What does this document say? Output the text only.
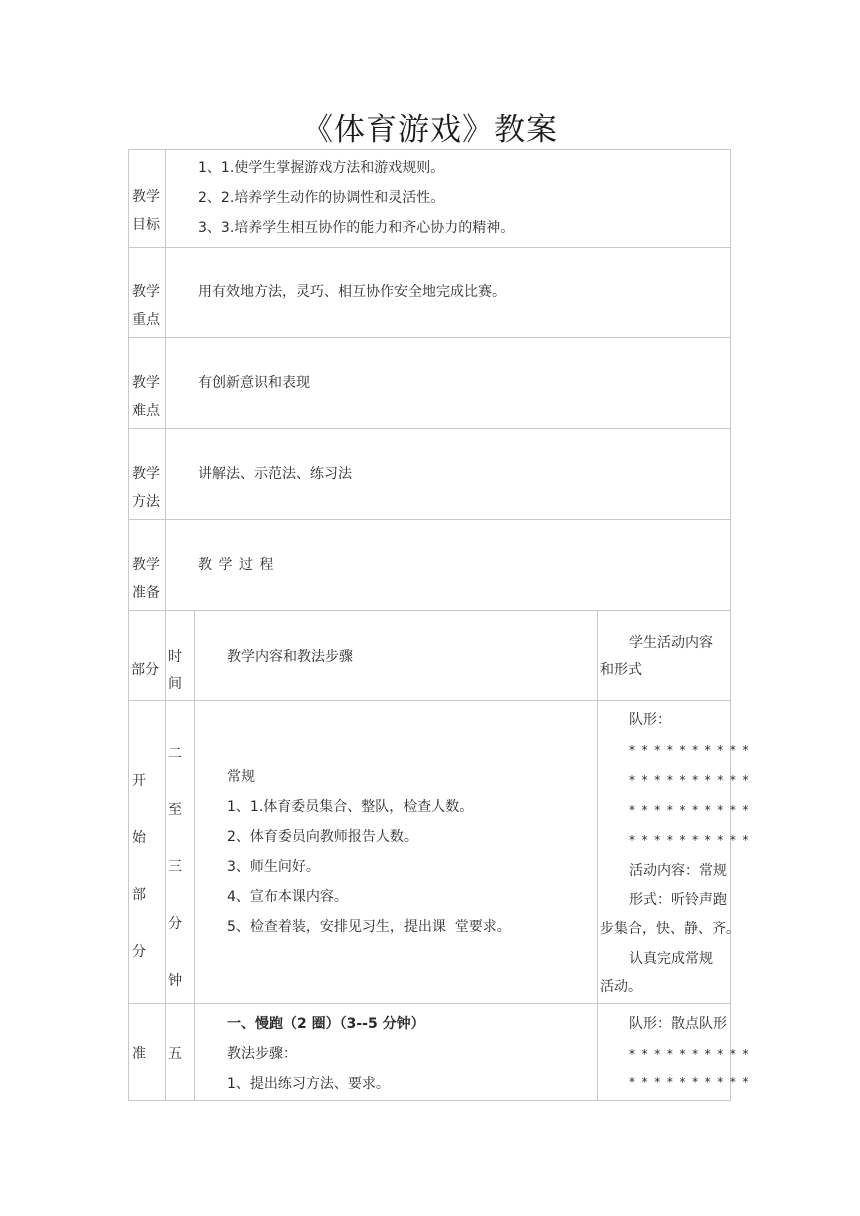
《体育游戏》教案
教学
目标
1、1.使学生掌握游戏方法和游戏规则。
2、2.培养学生动作的协调性和灵活性。
3、3.培养学生相互协作的能力和齐心协力的精神。
教学
重点
用有效地方法，灵巧、相互协作安全地完成比赛。
教学
难点
有创新意识和表现
教学
方法
讲解法、示范法、练习法
教学
准备
教 学 过 程
部分
时
间
教学内容和教法步骤
学生活动内容
和形式
开
始
部
分
二
至
三
分
钟
常规
1、1.体育委员集合、整队，检查人数。
2、体育委员向教师报告人数。
3、师生问好。
4、宣布本课内容。
5、检查着装，安排见习生，提出课  堂要求。
队形：
* * * * * * * * * *
* * * * * * * * * *
* * * * * * * * * *
* * * * * * * * * *
活动内容：常规
形式：听铃声跑
步集合，快、静、齐。
认真完成常规
活动。
准 五
一、慢跑（2 圈）（3--5 分钟）
教法步骤：
1、提出练习方法、要求。
队形：散点队形
* * * * * * * * * *
* * * * * * * * * *
